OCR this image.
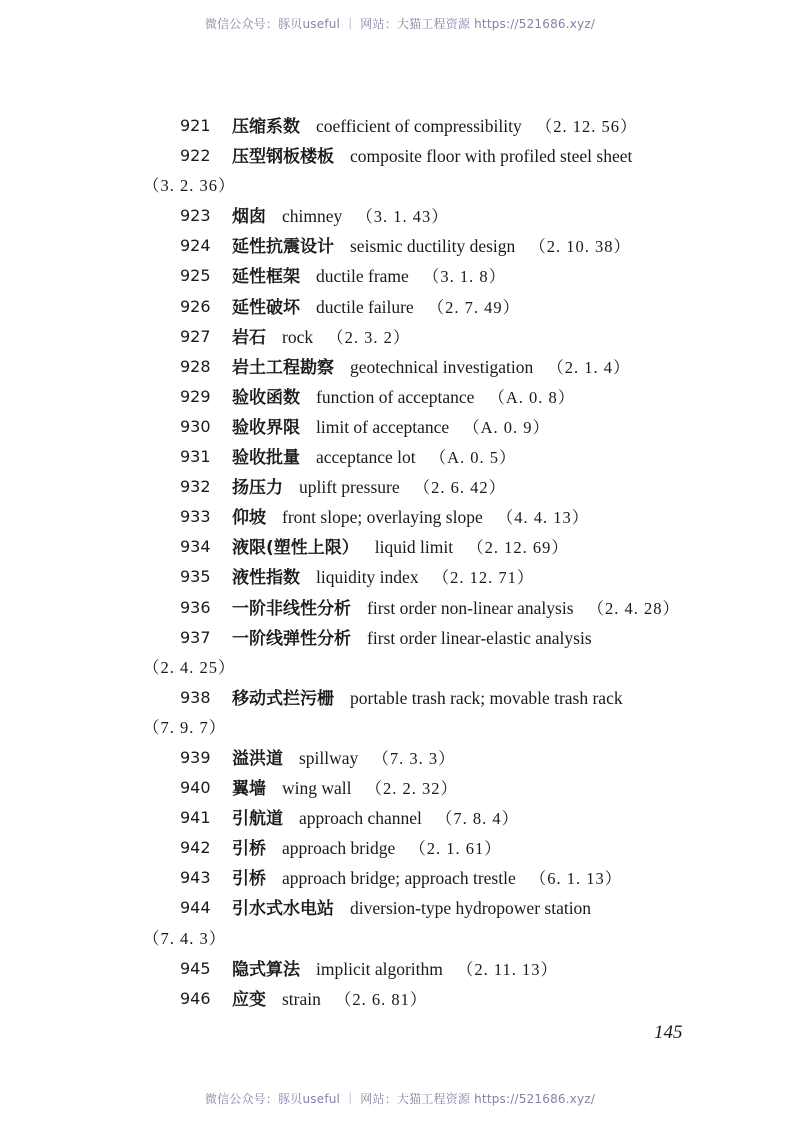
微信公众号：豚贝useful ｜ 网站：大猫工程资源 https://521686.xyz/
921	压缩系数 coefficient of compressibility （2. 12. 56）
922	压型钢板楼板 composite floor with profiled steel sheet
（3. 2. 36）
923	烟囱 chimney （3. 1. 43）
924	延性抗震设计 seismic ductility design （2. 10. 38）
925	延性框架 ductile frame （3. 1. 8）
926	延性破坏 ductile failure （2. 7. 49）
927	岩石 rock （2. 3. 2）
928	岩土工程勘察 geotechnical investigation （2. 1. 4）
929	验收函数 function of acceptance （A. 0. 8）
930	验收界限 limit of acceptance （A. 0. 9）
931	验收批量 acceptance lot （A. 0. 5）
932	扬压力 uplift pressure （2. 6. 42）
933	仰坡 front slope; overlaying slope （4. 4. 13）
934	液限(塑性上限） liquid limit （2. 12. 69）
935	液性指数 liquidity index （2. 12. 71）
936	一阶非线性分析 first order non-linear analysis （2. 4. 28）
937	一阶线弹性分析 first order linear-elastic analysis
（2. 4. 25）
938	移动式拦污栅 portable trash rack; movable trash rack
（7. 9. 7）
939	溢洪道 spillway （7. 3. 3）
940	翼墙 wing wall （2. 2. 32）
941	引航道 approach channel （7. 8. 4）
942	引桥 approach bridge （2. 1. 61）
943	引桥 approach bridge; approach trestle （6. 1. 13）
944	引水式水电站 diversion-type hydropower station
（7. 4. 3）
945	隐式算法 implicit algorithm （2. 11. 13）
946	应变 strain （2. 6. 81）
145
微信公众号：豚贝useful ｜ 网站：大猫工程资源 https://521686.xyz/
